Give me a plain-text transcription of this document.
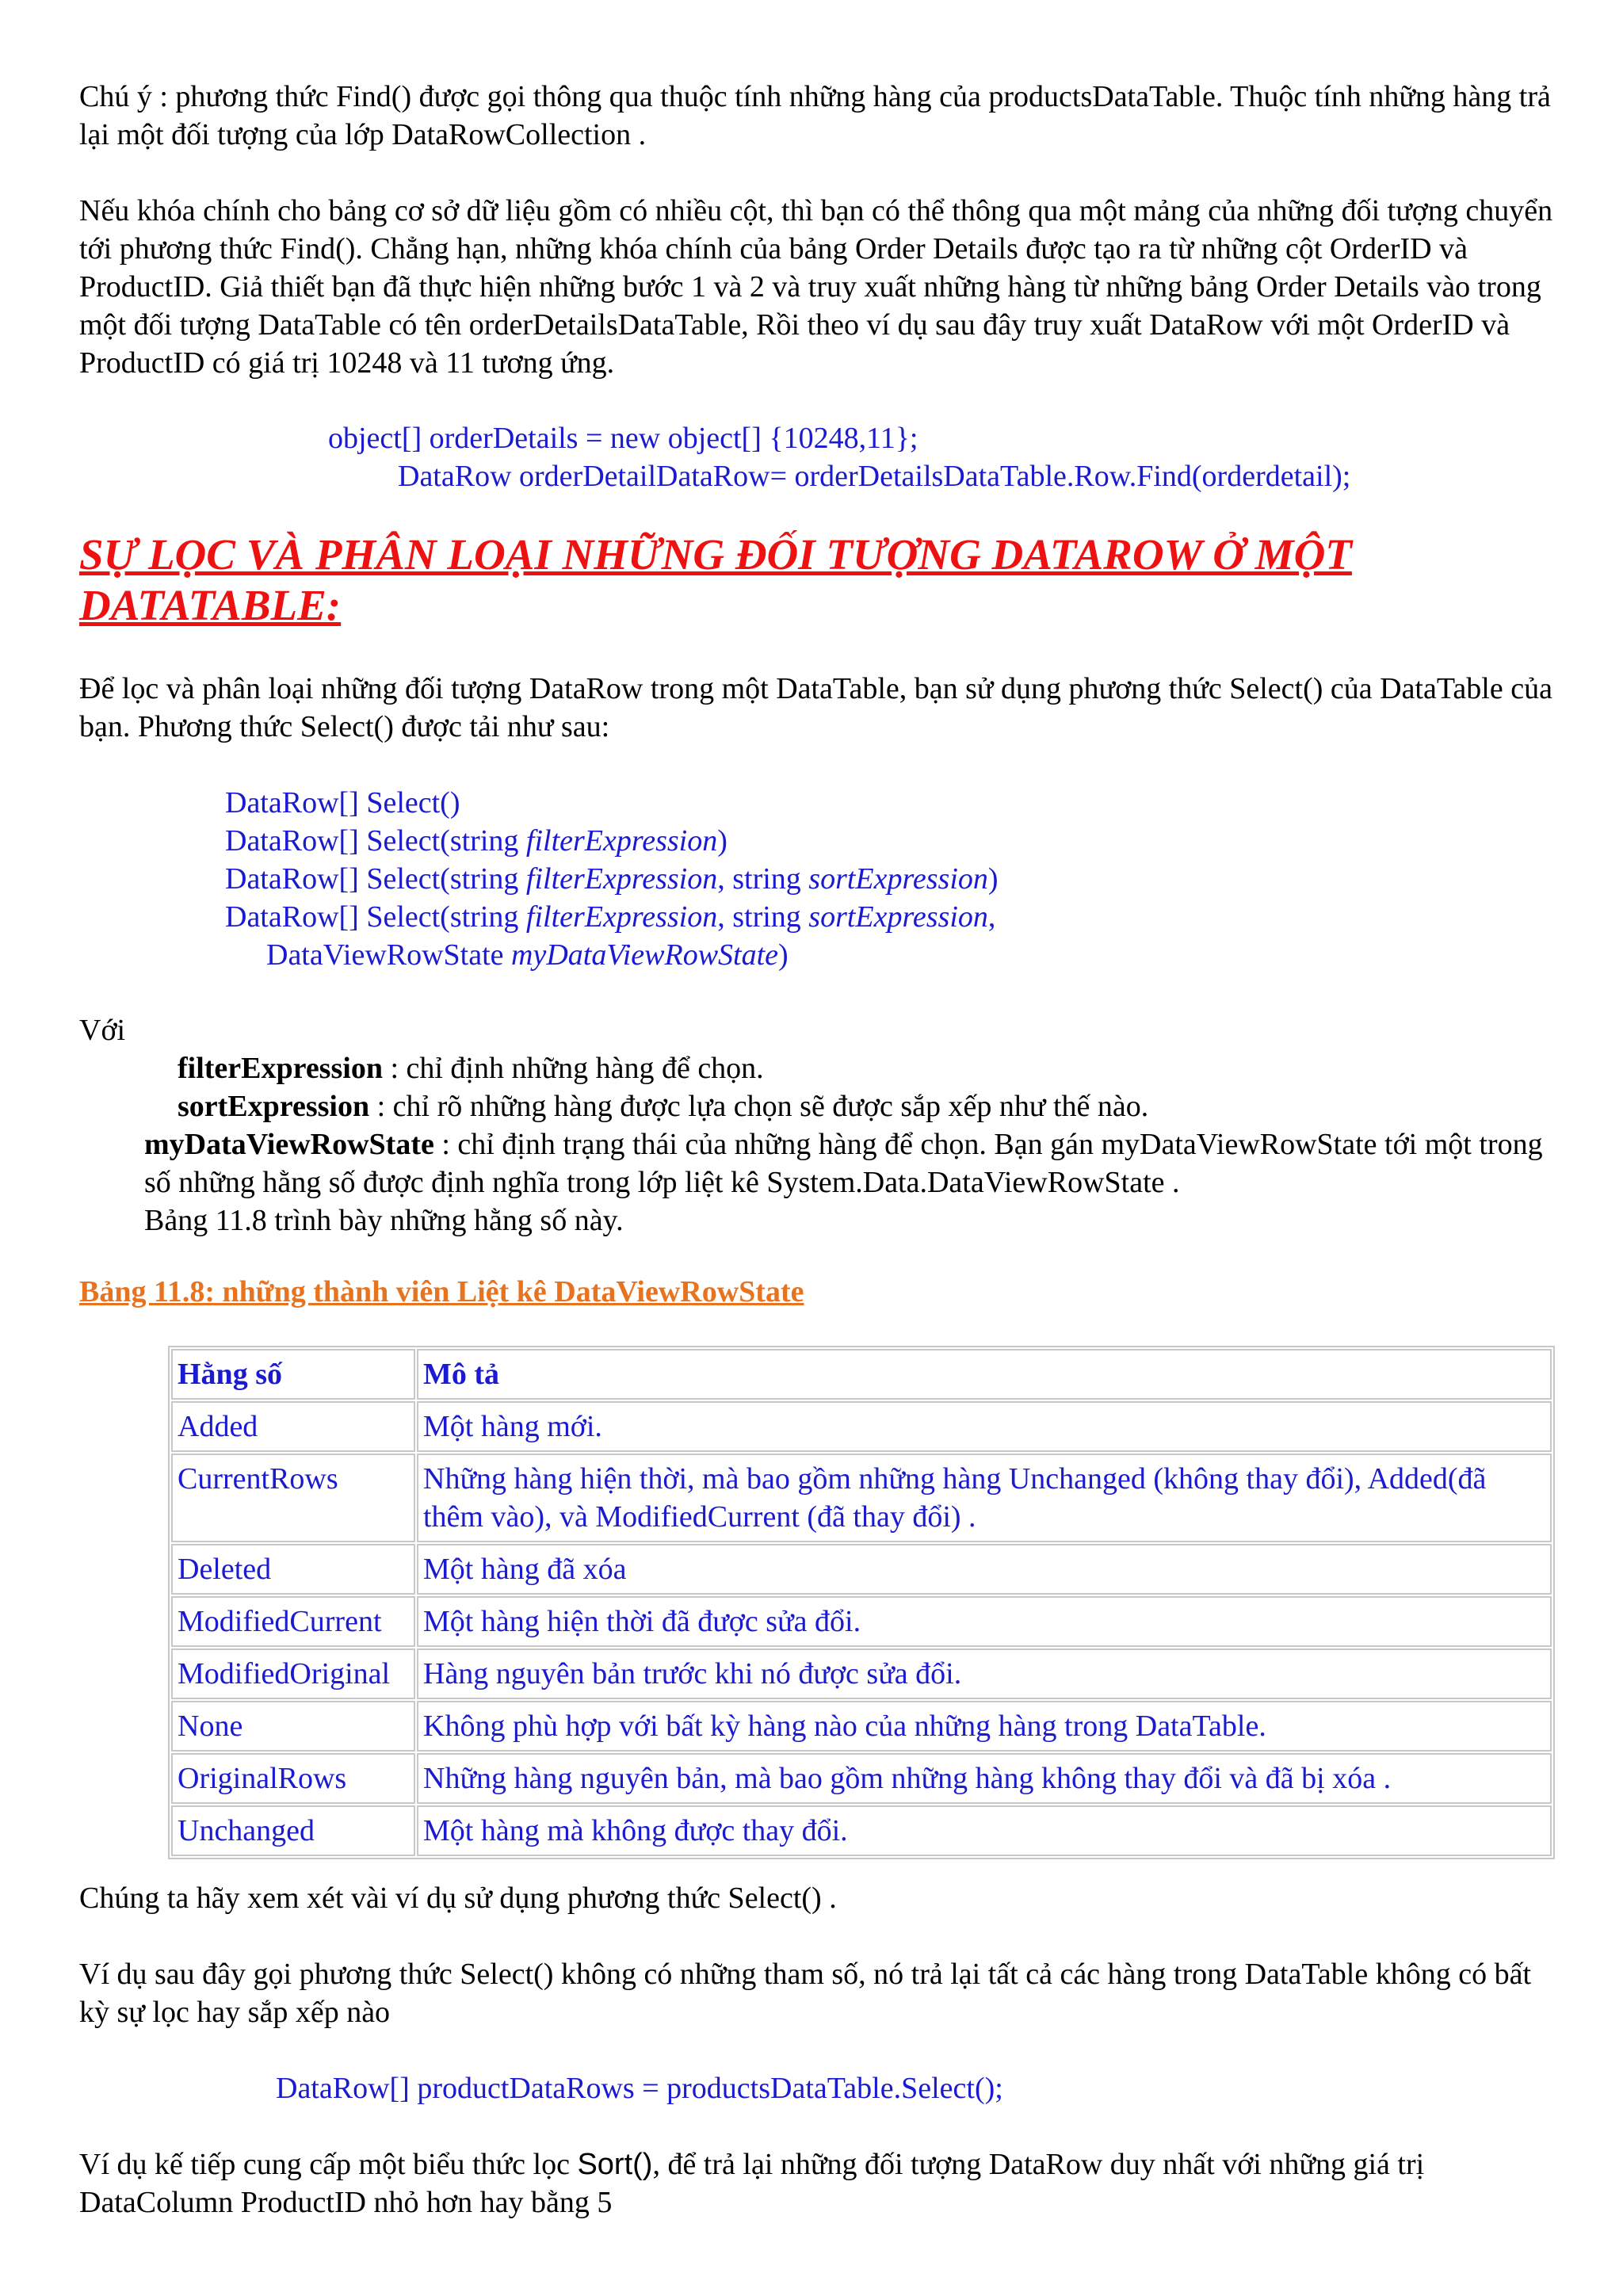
Chú ý : phương thức Find() được gọi thông qua thuộc tính những hàng của productsDataTable. Thuộc tính những hàng trả lại một đối tượng của lớp DataRowCollection .

Nếu khóa chính cho bảng cơ sở dữ liệu gồm có nhiều cột, thì bạn có thể thông qua một mảng của những đối tượng chuyển tới phương thức Find(). Chẳng hạn, những khóa chính của bảng Order Details được tạo ra từ những cột OrderID và ProductID. Giả thiết bạn đã thực hiện những bước 1 và 2 và truy xuất những hàng từ những bảng Order Details vào trong một đối tượng DataTable có tên orderDetailsDataTable, Rồi theo ví dụ sau đây truy xuất DataRow với một OrderID và ProductID có giá trị 10248 và 11 tương ứng.

object[] orderDetails = new object[] {10248,11};

DataRow orderDetailDataRow= orderDetailsDataTable.Row.Find(orderdetail);

SỰ LỌC VÀ PHÂN LOẠI NHỮNG ĐỐI TƯỢNG DATAROW Ở MỘT DATATABLE:

Để lọc và phân loại những đối tượng DataRow trong một DataTable, bạn sử dụng phương thức Select() của DataTable của bạn. Phương thức Select() được tải như sau:

DataRow[] Select()

DataRow[] Select(string filterExpression)

DataRow[] Select(string filterExpression, string sortExpression)

DataRow[] Select(string filterExpression, string sortExpression,

DataViewRowState myDataViewRowState)

Với

filterExpression : chỉ định những hàng để chọn.

sortExpression : chỉ rõ những hàng được lựa chọn sẽ được sắp xếp như thế nào.

myDataViewRowState : chỉ định trạng thái của những hàng để chọn. Bạn gán myDataViewRowState tới một trong số những hằng số được định nghĩa trong lớp liệt kê System.Data.DataViewRowState .

Bảng 11.8 trình bày những hằng số này.

Bảng 11.8: những thành viên Liệt kê DataViewRowState

Hằng số	Mô tả
Added	Một hàng mới.
CurrentRows	Những hàng hiện thời, mà bao gồm những hàng Unchanged (không thay đổi), Added(đã thêm vào), và ModifiedCurrent (đã thay đổi) .
Deleted	Một hàng đã xóa
ModifiedCurrent	Một hàng hiện thời đã được sửa đổi.
ModifiedOriginal	Hàng nguyên bản trước khi nó được sửa đổi.
None	Không phù hợp với bất kỳ hàng nào của những hàng trong DataTable.
OriginalRows	Những hàng nguyên bản, mà bao gồm những hàng không thay đổi và đã bị xóa .
Unchanged	Một hàng mà không được thay đổi.

Chúng ta hãy xem xét vài ví dụ sử dụng phương thức Select() .

Ví dụ sau đây gọi phương thức Select() không có những tham số, nó trả lại tất cả các hàng trong DataTable không có bất kỳ sự lọc hay sắp xếp nào

DataRow[] productDataRows = productsDataTable.Select();

Ví dụ kế tiếp cung cấp một biểu thức lọc Sort(), để trả lại những đối tượng DataRow duy nhất với những giá trị DataColumn ProductID nhỏ hơn hay bằng 5
